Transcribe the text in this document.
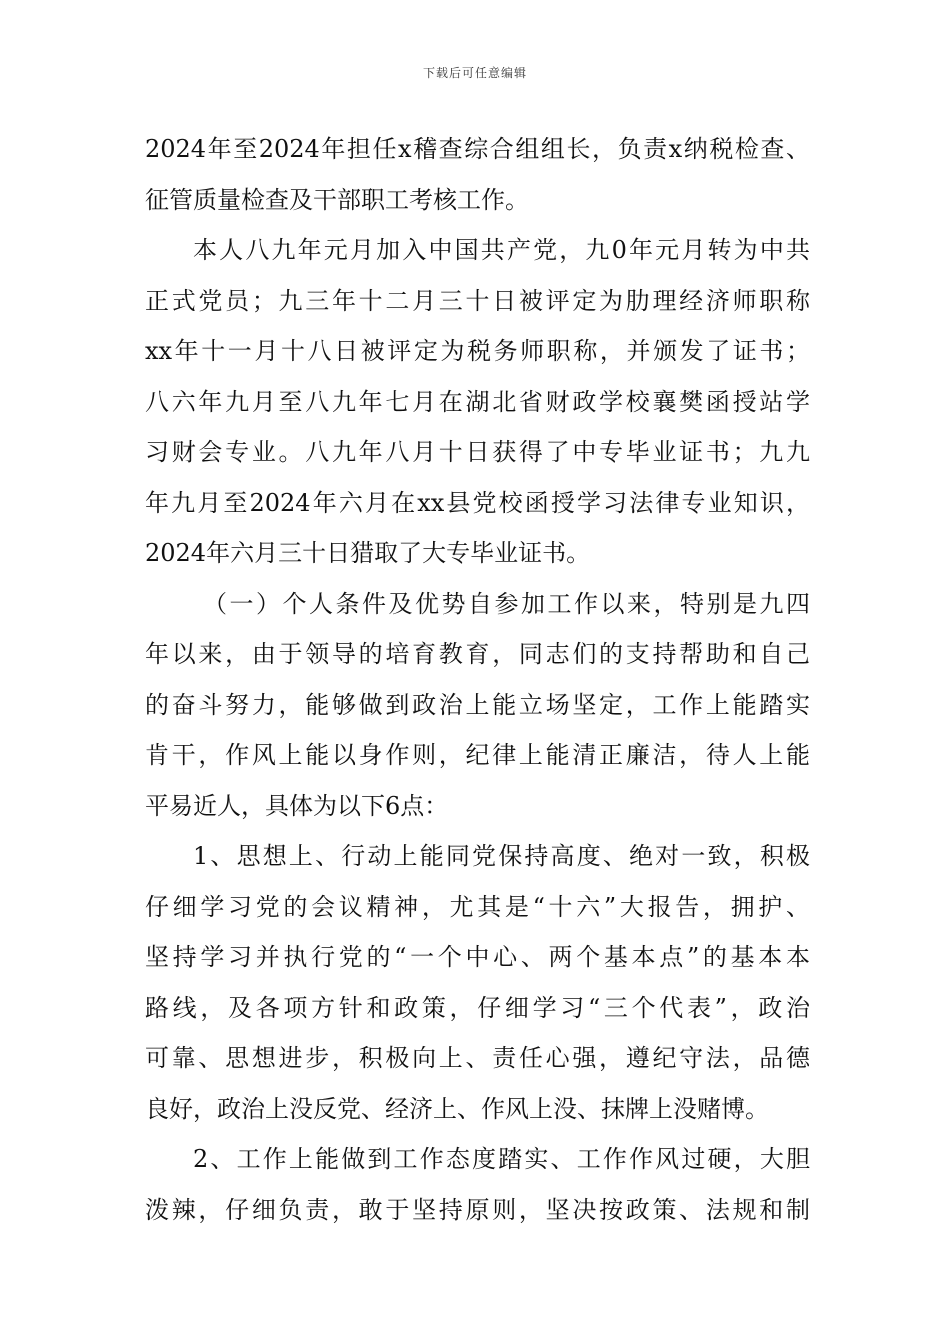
下载后可任意编辑
2024年至2024年担任x稽查综合组组长，负责x纳税检查、
征管质量检查及干部职工考核工作。
本人八九年元月加入中国共产党，九0年元月转为中共
正式党员；九三年十二月三十日被评定为肋理经济师职称
xx年十一月十八日被评定为税务师职称，并颁发了证书；
八六年九月至八九年七月在湖北省财政学校襄樊函授站学
习财会专业。八九年八月十日获得了中专毕业证书；九九
年九月至2024年六月在xx县党校函授学习法律专业知识，
2024年六月三十日猎取了大专毕业证书。
（一）个人条件及优势自参加工作以来，特别是九四
年以来，由于领导的培育教育，同志们的支持帮助和自己
的奋斗努力，能够做到政治上能立场坚定，工作上能踏实
肯干，作风上能以身作则，纪律上能清正廉洁，待人上能
平易近人，具体为以下6点：
1、思想上、行动上能同党保持高度、绝对一致，积极
仔细学习党的会议精神，尤其是“十六”大报告，拥护、
坚持学习并执行党的“一个中心、两个基本点”的基本本
路线，及各项方针和政策，仔细学习“三个代表”，政治
可靠、思想进步，积极向上、责任心强，遵纪守法，品德
良好，政治上没反党、经济上、作风上没、抹牌上没赌博。
2、工作上能做到工作态度踏实、工作作风过硬，大胆
泼辣，仔细负责，敢于坚持原则，坚决按政策、法规和制
